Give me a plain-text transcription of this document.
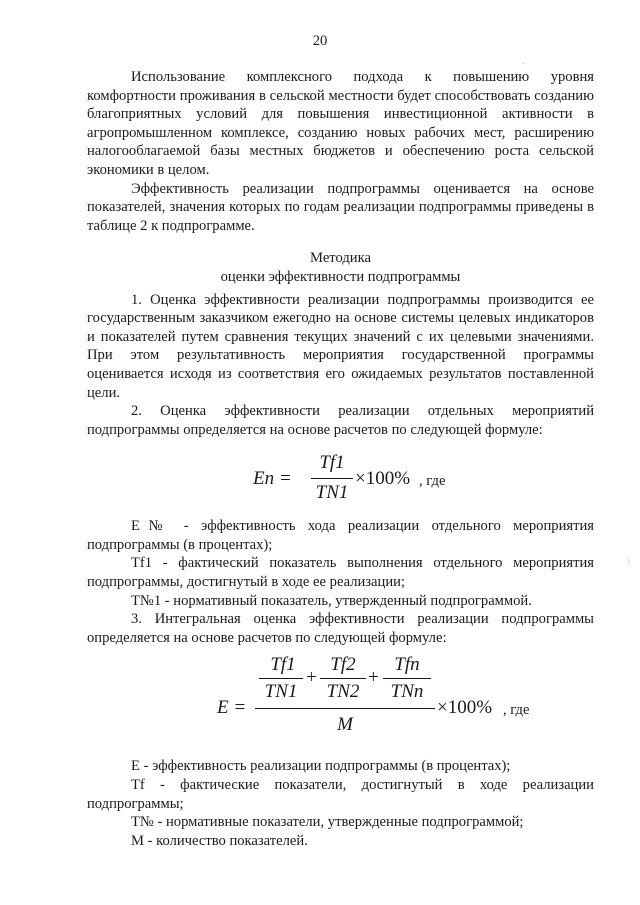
20

Использование комплексного подхода к повышению уровня комфортности проживания в сельской местности будет способствовать созданию благоприятных условий для повышения инвестиционной активности в агропромышленном комплексе, созданию новых рабочих мест, расширению налогооблагаемой базы местных бюджетов и обеспечению роста сельской экономики в целом.

Эффективность реализации подпрограммы оценивается на основе показателей, значения которых по годам реализации подпрограммы приведены в таблице 2 к подпрограмме.

Методика

оценки эффективности подпрограммы

1. Оценка эффективности реализации подпрограммы производится ее государственным заказчиком ежегодно на основе системы целевых индикаторов и показателей путем сравнения текущих значений с их целевыми значениями. При этом результативность мероприятия государственной программы оценивается исходя из соответствия его ожидаемых результатов поставленной цели.

2. Оценка эффективности реализации отдельных мероприятий подпрограммы определяется на основе расчетов по следующей формуле:

En =
Tf1
TN1
×100% , где

E№ - эффективность хода реализации отдельного мероприятия подпрограммы (в процентах);

Tf1 - фактический показатель выполнения отдельного мероприятия подпрограммы, достигнутый в ходе ее реализации;

Т№1 - нормативный показатель, утвержденный подпрограммой.

3. Интегральная оценка эффективности реализации подпрограммы определяется на основе расчетов по следующей формуле:

E =
Tf1
TN1
+
Tf2
TN2
+
Tfn
TNn
M
×100% , где

E - эффективность реализации подпрограммы (в процентах);

Tf - фактические показатели, достигнутый в ходе реализации подпрограммы;

Т№ - нормативные показатели, утвержденные подпрограммой;

М - количество показателей.

.
|
